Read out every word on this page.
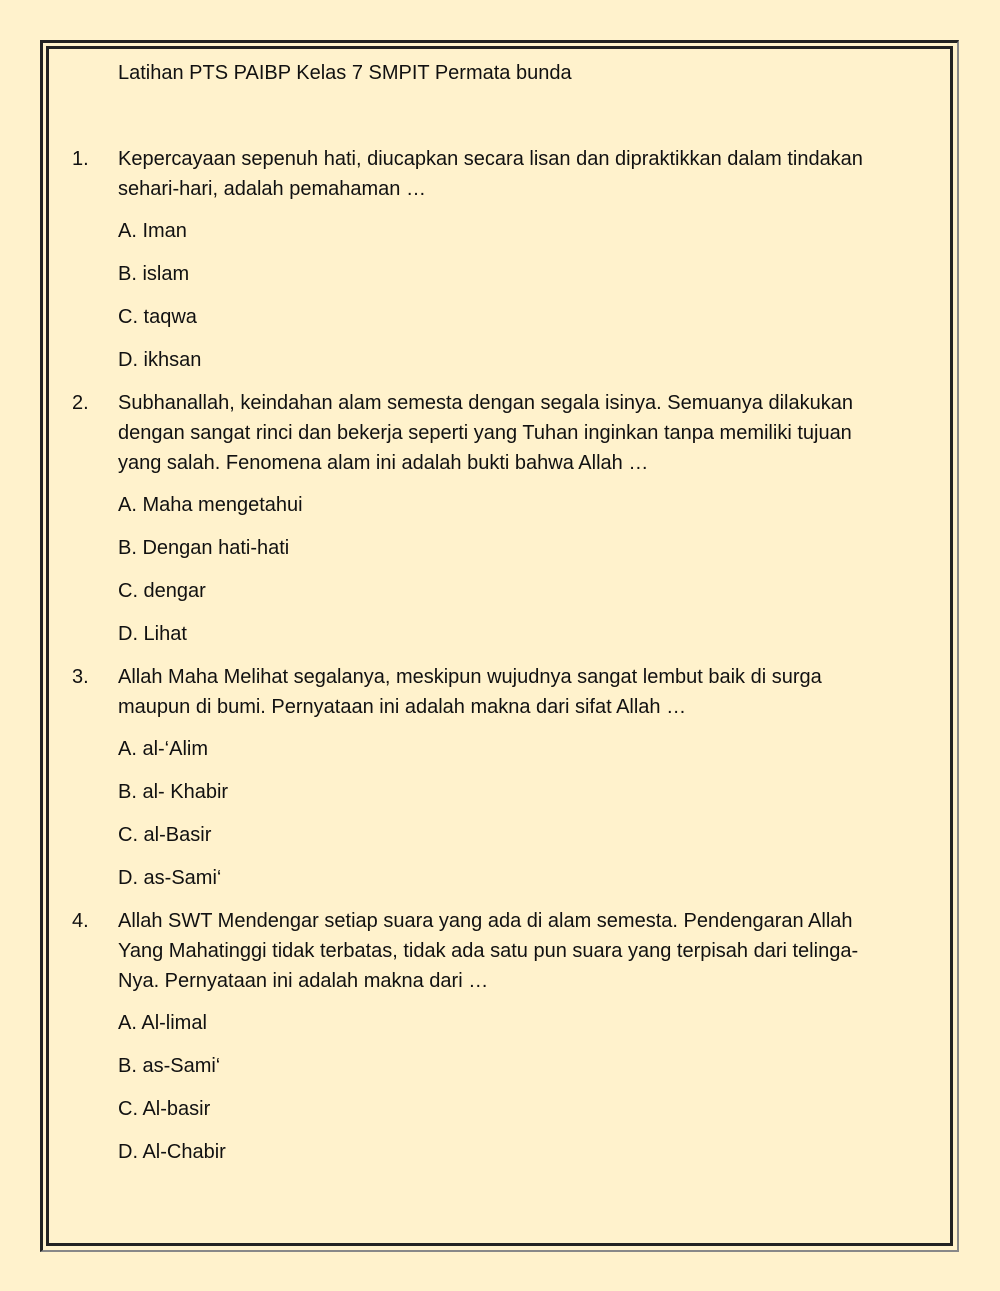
Latihan PTS PAIBP Kelas 7 SMPIT Permata bunda
1.	Kepercayaan sepenuh hati, diucapkan secara lisan dan dipraktikkan dalam tindakan sehari-hari, adalah pemahaman …
A. Iman
B. islam
C. taqwa
D. ikhsan
2.	Subhanallah, keindahan alam semesta dengan segala isinya. Semuanya dilakukan dengan sangat rinci dan bekerja seperti yang Tuhan inginkan tanpa memiliki tujuan yang salah. Fenomena alam ini adalah bukti bahwa Allah …
A. Maha mengetahui
B. Dengan hati-hati
C. dengar
D. Lihat
3.	Allah Maha Melihat segalanya, meskipun wujudnya sangat lembut baik di surga maupun di bumi. Pernyataan ini adalah makna dari sifat Allah …
A. al-‘Alim
B. al- Khabir
C. al-Basir
D. as-Sami‘
4.	Allah SWT Mendengar setiap suara yang ada di alam semesta. Pendengaran Allah Yang Mahatinggi tidak terbatas, tidak ada satu pun suara yang terpisah dari telinga-Nya. Pernyataan ini adalah makna dari …
A. Al-limal
B. as-Sami‘
C. Al-basir
D. Al-Chabir
